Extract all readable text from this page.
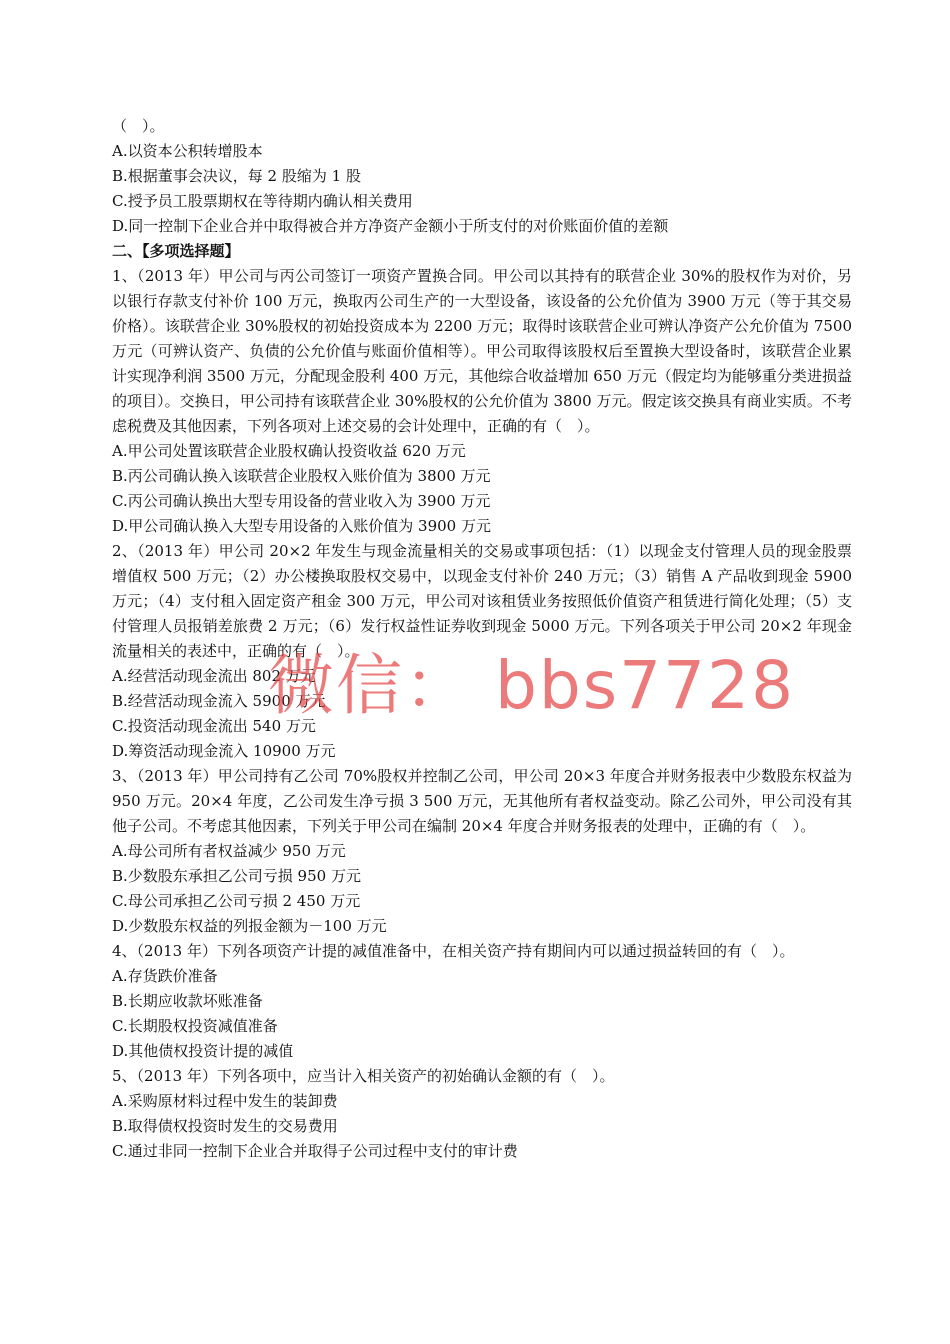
（　）。
A.以资本公积转增股本
B.根据董事会决议，每 2 股缩为 1 股
C.授予员工股票期权在等待期内确认相关费用
D.同一控制下企业合并中取得被合并方净资产金额小于所支付的对价账面价值的差额
二、【多项选择题】
1、（2013 年）甲公司与丙公司签订一项资产置换合同。甲公司以其持有的联营企业 30%的股权作为对价，另以银行存款支付补价 100 万元，换取丙公司生产的一大型设备，该设备的公允价值为 3900 万元（等于其交易价格）。该联营企业 30%股权的初始投资成本为 2200 万元；取得时该联营企业可辨认净资产公允价值为 7500 万元（可辨认资产、负债的公允价值与账面价值相等）。甲公司取得该股权后至置换大型设备时，该联营企业累计实现净利润 3500 万元，分配现金股利 400 万元，其他综合收益增加 650 万元（假定均为能够重分类进损益的项目）。交换日，甲公司持有该联营企业 30%股权的公允价值为 3800 万元。假定该交换具有商业实质。不考虑税费及其他因素，下列各项对上述交易的会计处理中，正确的有（　）。
A.甲公司处置该联营企业股权确认投资收益 620 万元
B.丙公司确认换入该联营企业股权入账价值为 3800 万元
C.丙公司确认换出大型专用设备的营业收入为 3900 万元
D.甲公司确认换入大型专用设备的入账价值为 3900 万元
2、（2013 年）甲公司 20×2 年发生与现金流量相关的交易或事项包括：（1）以现金支付管理人员的现金股票增值权 500 万元；（2）办公楼换取股权交易中，以现金支付补价 240 万元；（3）销售 A 产品收到现金 5900 万元；（4）支付租入固定资产租金 300 万元，甲公司对该租赁业务按照低价值资产租赁进行简化处理；（5）支付管理人员报销差旅费 2 万元；（6）发行权益性证券收到现金 5000 万元。下列各项关于甲公司 20×2 年现金流量相关的表述中，正确的有（　）。
A.经营活动现金流出 802 万元
B.经营活动现金流入 5900 万元
C.投资活动现金流出 540 万元
D.筹资活动现金流入 10900 万元
3、（2013 年）甲公司持有乙公司 70%股权并控制乙公司，甲公司 20×3 年度合并财务报表中少数股东权益为 950 万元。20×4 年度，乙公司发生净亏损 3 500 万元，无其他所有者权益变动。除乙公司外，甲公司没有其他子公司。不考虑其他因素，下列关于甲公司在编制 20×4 年度合并财务报表的处理中，正确的有（　）。
A.母公司所有者权益减少 950 万元
B.少数股东承担乙公司亏损 950 万元
C.母公司承担乙公司亏损 2 450 万元
D.少数股东权益的列报金额为－100 万元
4、（2013 年）下列各项资产计提的减值准备中，在相关资产持有期间内可以通过损益转回的有（　）。
A.存货跌价准备
B.长期应收款坏账准备
C.长期股权投资减值准备
D.其他债权投资计提的减值
5、（2013 年）下列各项中，应当计入相关资产的初始确认金额的有（　）。
A.采购原材料过程中发生的装卸费
B.取得债权投资时发生的交易费用
C.通过非同一控制下企业合并取得子公司过程中支付的审计费
微信： bbs7728
